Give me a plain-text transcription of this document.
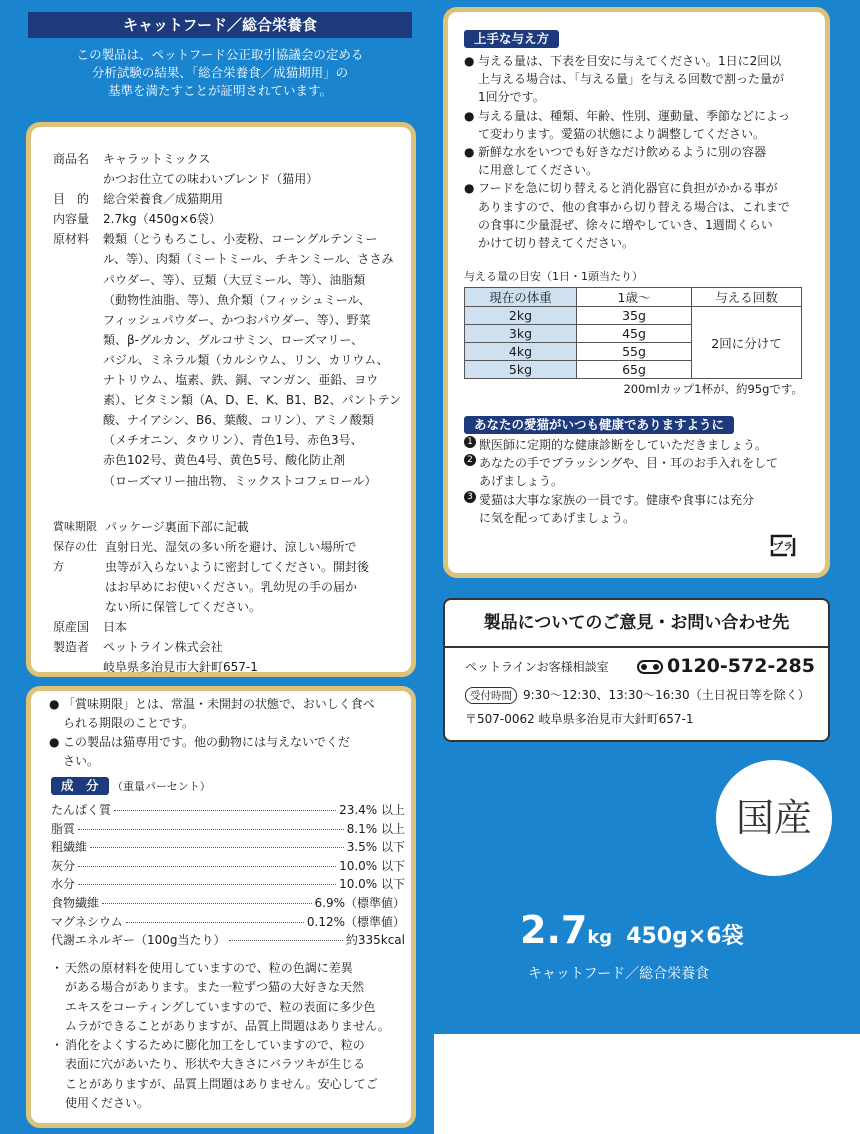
キャットフード／総合栄養食
この製品は、ペットフード公正取引協議会の定める
分析試験の結果、「総合栄養食／成猫期用」の
基準を満たすことが証明されています。
商品名	キャラットミックス
かつお仕立ての味わいブレンド（猫用）
目　的	総合栄養食／成猫期用
内容量	2.7kg（450g×6袋）
原材料	穀類（とうもろこし、小麦粉、コーングルテンミー
ル、等）、肉類（ミートミール、チキンミール、ささみ
パウダー、等）、豆類（大豆ミール、等）、油脂類
（動物性油脂、等）、魚介類（フィッシュミール、
フィッシュパウダー、かつおパウダー、等）、野菜
類、β-グルカン、グルコサミン、ローズマリー、
バジル、ミネラル類（カルシウム、リン、カリウム、
ナトリウム、塩素、鉄、銅、マンガン、亜鉛、ヨウ
素）、ビタミン類（A、D、E、K、B1、B2、パントテン
酸、ナイアシン、B6、葉酸、コリン）、アミノ酸類
（メチオニン、タウリン）、青色1号、赤色3号、
赤色102号、黄色4号、黄色5号、酸化防止剤
（ローズマリー抽出物、ミックストコフェロール）
賞味期限 パッケージ裏面下部に記載
保存の仕方
直射日光、湿気の多い所を避け、涼しい場所で
虫等が入らないように密封してください。開封後
はお早めにお使いください。乳幼児の手の届か
ない所に保管してください。
原産国	日本
製造者	ペットライン株式会社
岐阜県多治見市大針町657-1
● 「賞味期限」とは、常温・未開封の状態で、おいしく食べ
られる期限のことです。
● この製品は猫専用です。他の動物には与えないでくだ
さい。
成　分 （重量パーセント）
たんぱく質	23.4% 以上
脂質	8.1% 以上
粗繊維	3.5% 以下
灰分	10.0% 以下
水分	10.0% 以下
食物繊維	6.9%（標準値）
マグネシウム	0.12%（標準値）
代謝エネルギー（100g当たり）	約335kcal
・ 天然の原材料を使用していますので、粒の色調に差異
がある場合があります。また一粒ずつ猫の大好きな天然
エキスをコーティングしていますので、粒の表面に多少色
ムラができることがありますが、品質上問題はありません。
・ 消化をよくするために膨化加工をしていますので、粒の
表面に穴があいたり、形状や大きさにバラツキが生じる
ことがありますが、品質上問題はありません。安心してご
使用ください。
上手な与え方
● 与える量は、下表を目安に与えてください。1日に2回以
上与える場合は、「与える量」を与える回数で割った量が
1回分です。
● 与える量は、種類、年齢、性別、運動量、季節などによっ
て変わります。愛猫の状態により調整してください。
● 新鮮な水をいつでも好きなだけ飲めるように別の容器
に用意してください。
● フードを急に切り替えると消化器官に負担がかかる事が
ありますので、他の食事から切り替える場合は、これまで
の食事に少量混ぜ、徐々に増やしていき、1週間くらい
かけて切り替えてください。
与える量の目安（1日・1頭当たり）
現在の体重	1歳～	与える回数
2kg	35g	2回に分けて
3kg	45g	
4kg	55g	
5kg	65g	
200mlカップ1杯が、約95gです。
あなたの愛猫がいつも健康でありますように
1 獣医師に定期的な健康診断をしていただきましょう。
2 あなたの手でブラッシングや、目・耳のお手入れをして
あげましょう。
3 愛猫は大事な家族の一員です。健康や食事には充分
に気を配ってあげましょう。
プラ
製品についてのご意見・お問い合わせ先
ペットラインお客様相談室	0120-572-285
受付時間 9:30～12:30、13:30～16:30（土日祝日等を除く）
〒507-0062 岐阜県多治見市大針町657-1
国産
2.7kg 450g×6袋
キャットフード／総合栄養食
